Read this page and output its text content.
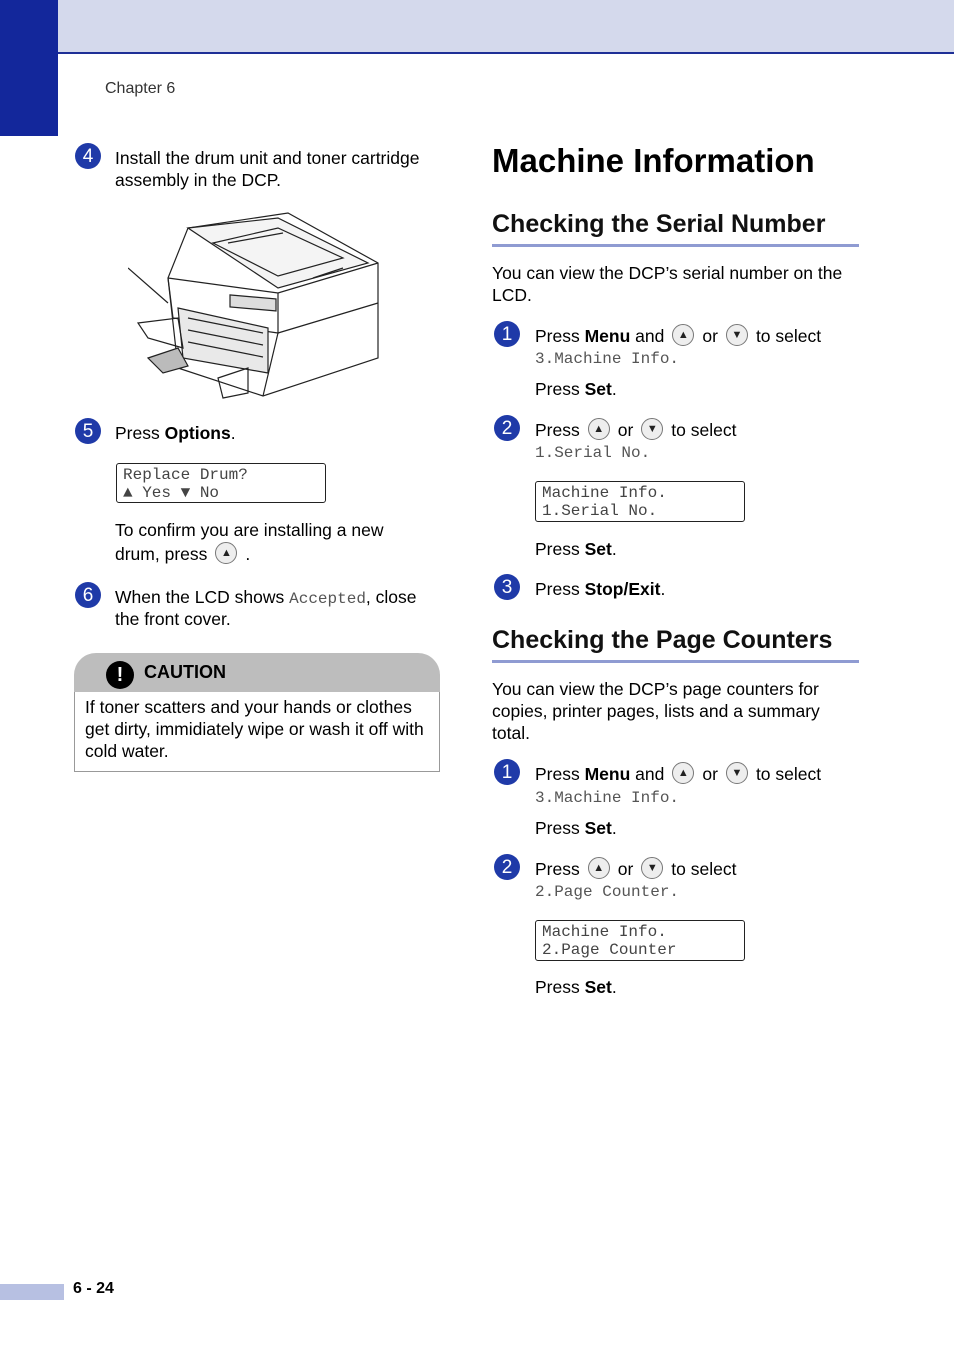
Chapter 6
4	Install the drum unit and toner cartridge assembly in the DCP.
5	Press Options.
Replace Drum?
▲ Yes ▼ No
To confirm you are installing a new
drum, press ▲ .
6	When the LCD shows Accepted, close
the front cover.
!	CAUTION
If toner scatters and your hands or clothes get dirty, immidiately wipe or wash it off with cold water.
Machine Information
Checking the Serial Number
You can view the DCP’s serial number on the LCD.
1	Press Menu and ▲ or ▼ to select
3.Machine Info.
Press Set.
2	Press ▲ or ▼ to select
1.Serial No.
Machine Info.
1.Serial No.
Press Set.
3	Press Stop/Exit.
Checking the Page Counters
You can view the DCP’s page counters for copies, printer pages, lists and a summary total.
1	Press Menu and ▲ or ▼ to select
3.Machine Info.
Press Set.
2	Press ▲ or ▼ to select
2.Page Counter.
Machine Info.
2.Page Counter
Press Set.
6 - 24
